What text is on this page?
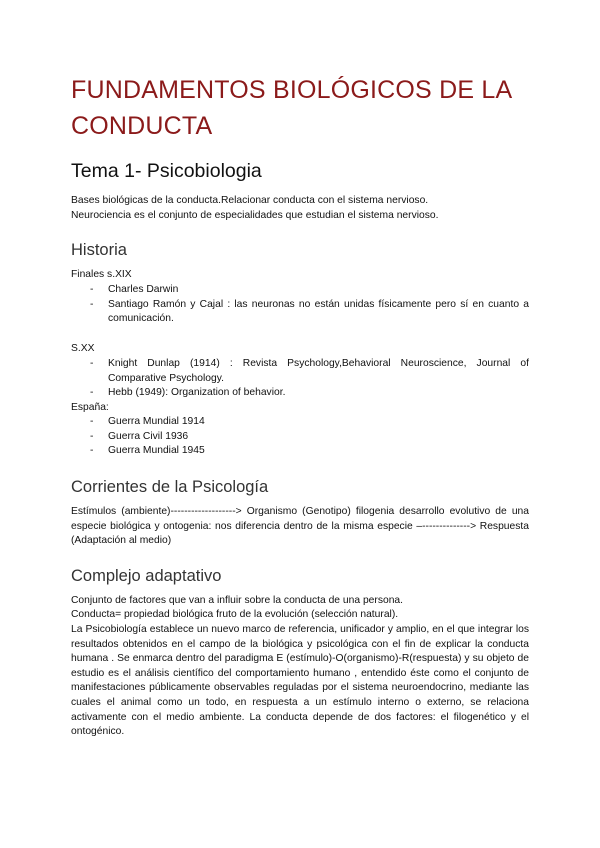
FUNDAMENTOS BIOLÓGICOS DE LA CONDUCTA
Tema 1- Psicobiologia

Bases biológicas de la conducta.Relacionar conducta con el sistema nervioso.

Neurociencia es el conjunto de especialidades que estudian el sistema nervioso.

Historia

Finales s.XIX

- Charles Darwin
- Santiago Ramón y Cajal : las neuronas no están unidas físicamente pero sí en cuanto a comunicación.

S.XX

- Knight Dunlap (1914) : Revista Psychology,Behavioral Neuroscience, Journal of Comparative Psychology.
- Hebb (1949): Organization of behavior.

España:

- Guerra Mundial 1914
- Guerra Civil 1936
- Guerra Mundial 1945
Corrientes de la Psicología

Estímulos (ambiente)-------------------> Organismo (Genotipo) filogenia desarrollo evolutivo de una especie biológica y ontogenia: nos diferencia dentro de la misma especie –--------------> Respuesta (Adaptación al medio)

Complejo adaptativo

Conjunto de factores que van a influir sobre la conducta de una persona.

Conducta= propiedad biológica fruto de la evolución (selección natural).

La Psicobiología establece un nuevo marco de referencia, unificador y amplio, en el que integrar los resultados obtenidos en el campo de la biológica y psicológica con el fin de explicar la conducta humana . Se enmarca dentro del paradigma E (estímulo)-O(organismo)-R(respuesta) y su objeto de estudio es el análisis científico del comportamiento humano , entendido éste como el conjunto de manifestaciones públicamente observables reguladas por el sistema neuroendocrino, mediante las cuales el animal como un todo, en respuesta a un estímulo interno o externo, se relaciona activamente con el medio ambiente. La conducta depende de dos factores: el filogenético y el ontogénico.
